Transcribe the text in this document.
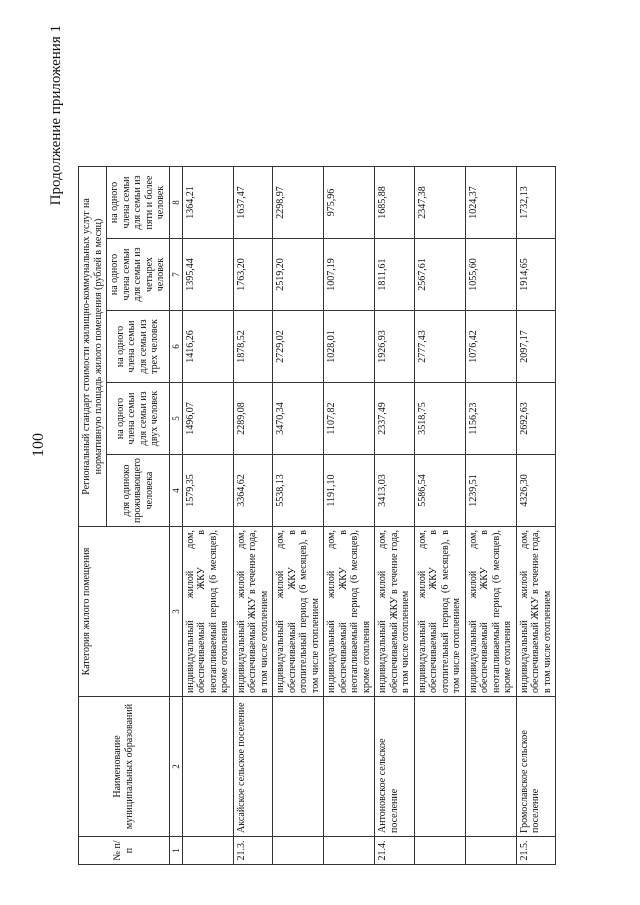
100
Продолжение приложения 1
№ п/п	Наименование муниципальных образований	Категория жилого помещения	Региональный стандарт стоимости жилищно-коммунальных услуг на нормативную площадь жилого помещения (рублей в месяц)				
			для одиноко проживающего человека	на одного члена семьи для семьи из двух человек	на одного члена семьи для семьи из трех человек	на одного члена семьи для семьи из четырех человек	на одного члена семьи для семьи из пяти и более человек
1	2	3	4	5	6	7	8
		индивидуальный жилой дом, обеспечиваемый ЖКУ в неотапливаемый период (6 месяцев), кроме отопления	1579,35	1496,07	1416,26	1395,44	1364,21
21.3.	Аксайское сельское поселение	индивидуальный жилой дом, обеспечиваемый ЖКУ в течение года, в том числе отоплением	3364,62	2289,08	1878,52	1763,20	1637,47
		индивидуальный жилой дом, обеспечиваемый ЖКУ в отопительный период (6 месяцев), в том числе отоплением	5538,13	3470,34	2729,02	2519,20	2298,97
		индивидуальный жилой дом, обеспечиваемый ЖКУ в неотапливаемый период (6 месяцев), кроме отопления	1191,10	1107,82	1028,01	1007,19	975,96
21.4.	Антоновское сельское поселение	индивидуальный жилой дом, обеспечиваемый ЖКУ в течение года, в том числе отоплением	3413,03	2337,49	1926,93	1811,61	1685,88
		индивидуальный жилой дом, обеспечиваемый ЖКУ в отопительный период (6 месяцев), в том числе отоплением	5586,54	3518,75	2777,43	2567,61	2347,38
		индивидуальный жилой дом, обеспечиваемый ЖКУ в неотапливаемый период (6 месяцев), кроме отопления	1239,51	1156,23	1076,42	1055,60	1024,37
21.5.	Громославское сельское поселение	индивидуальный жилой дом, обеспечиваемый ЖКУ в течение года, в том числе отоплением	4326,30	2692,63	2097,17	1914,65	1732,13
